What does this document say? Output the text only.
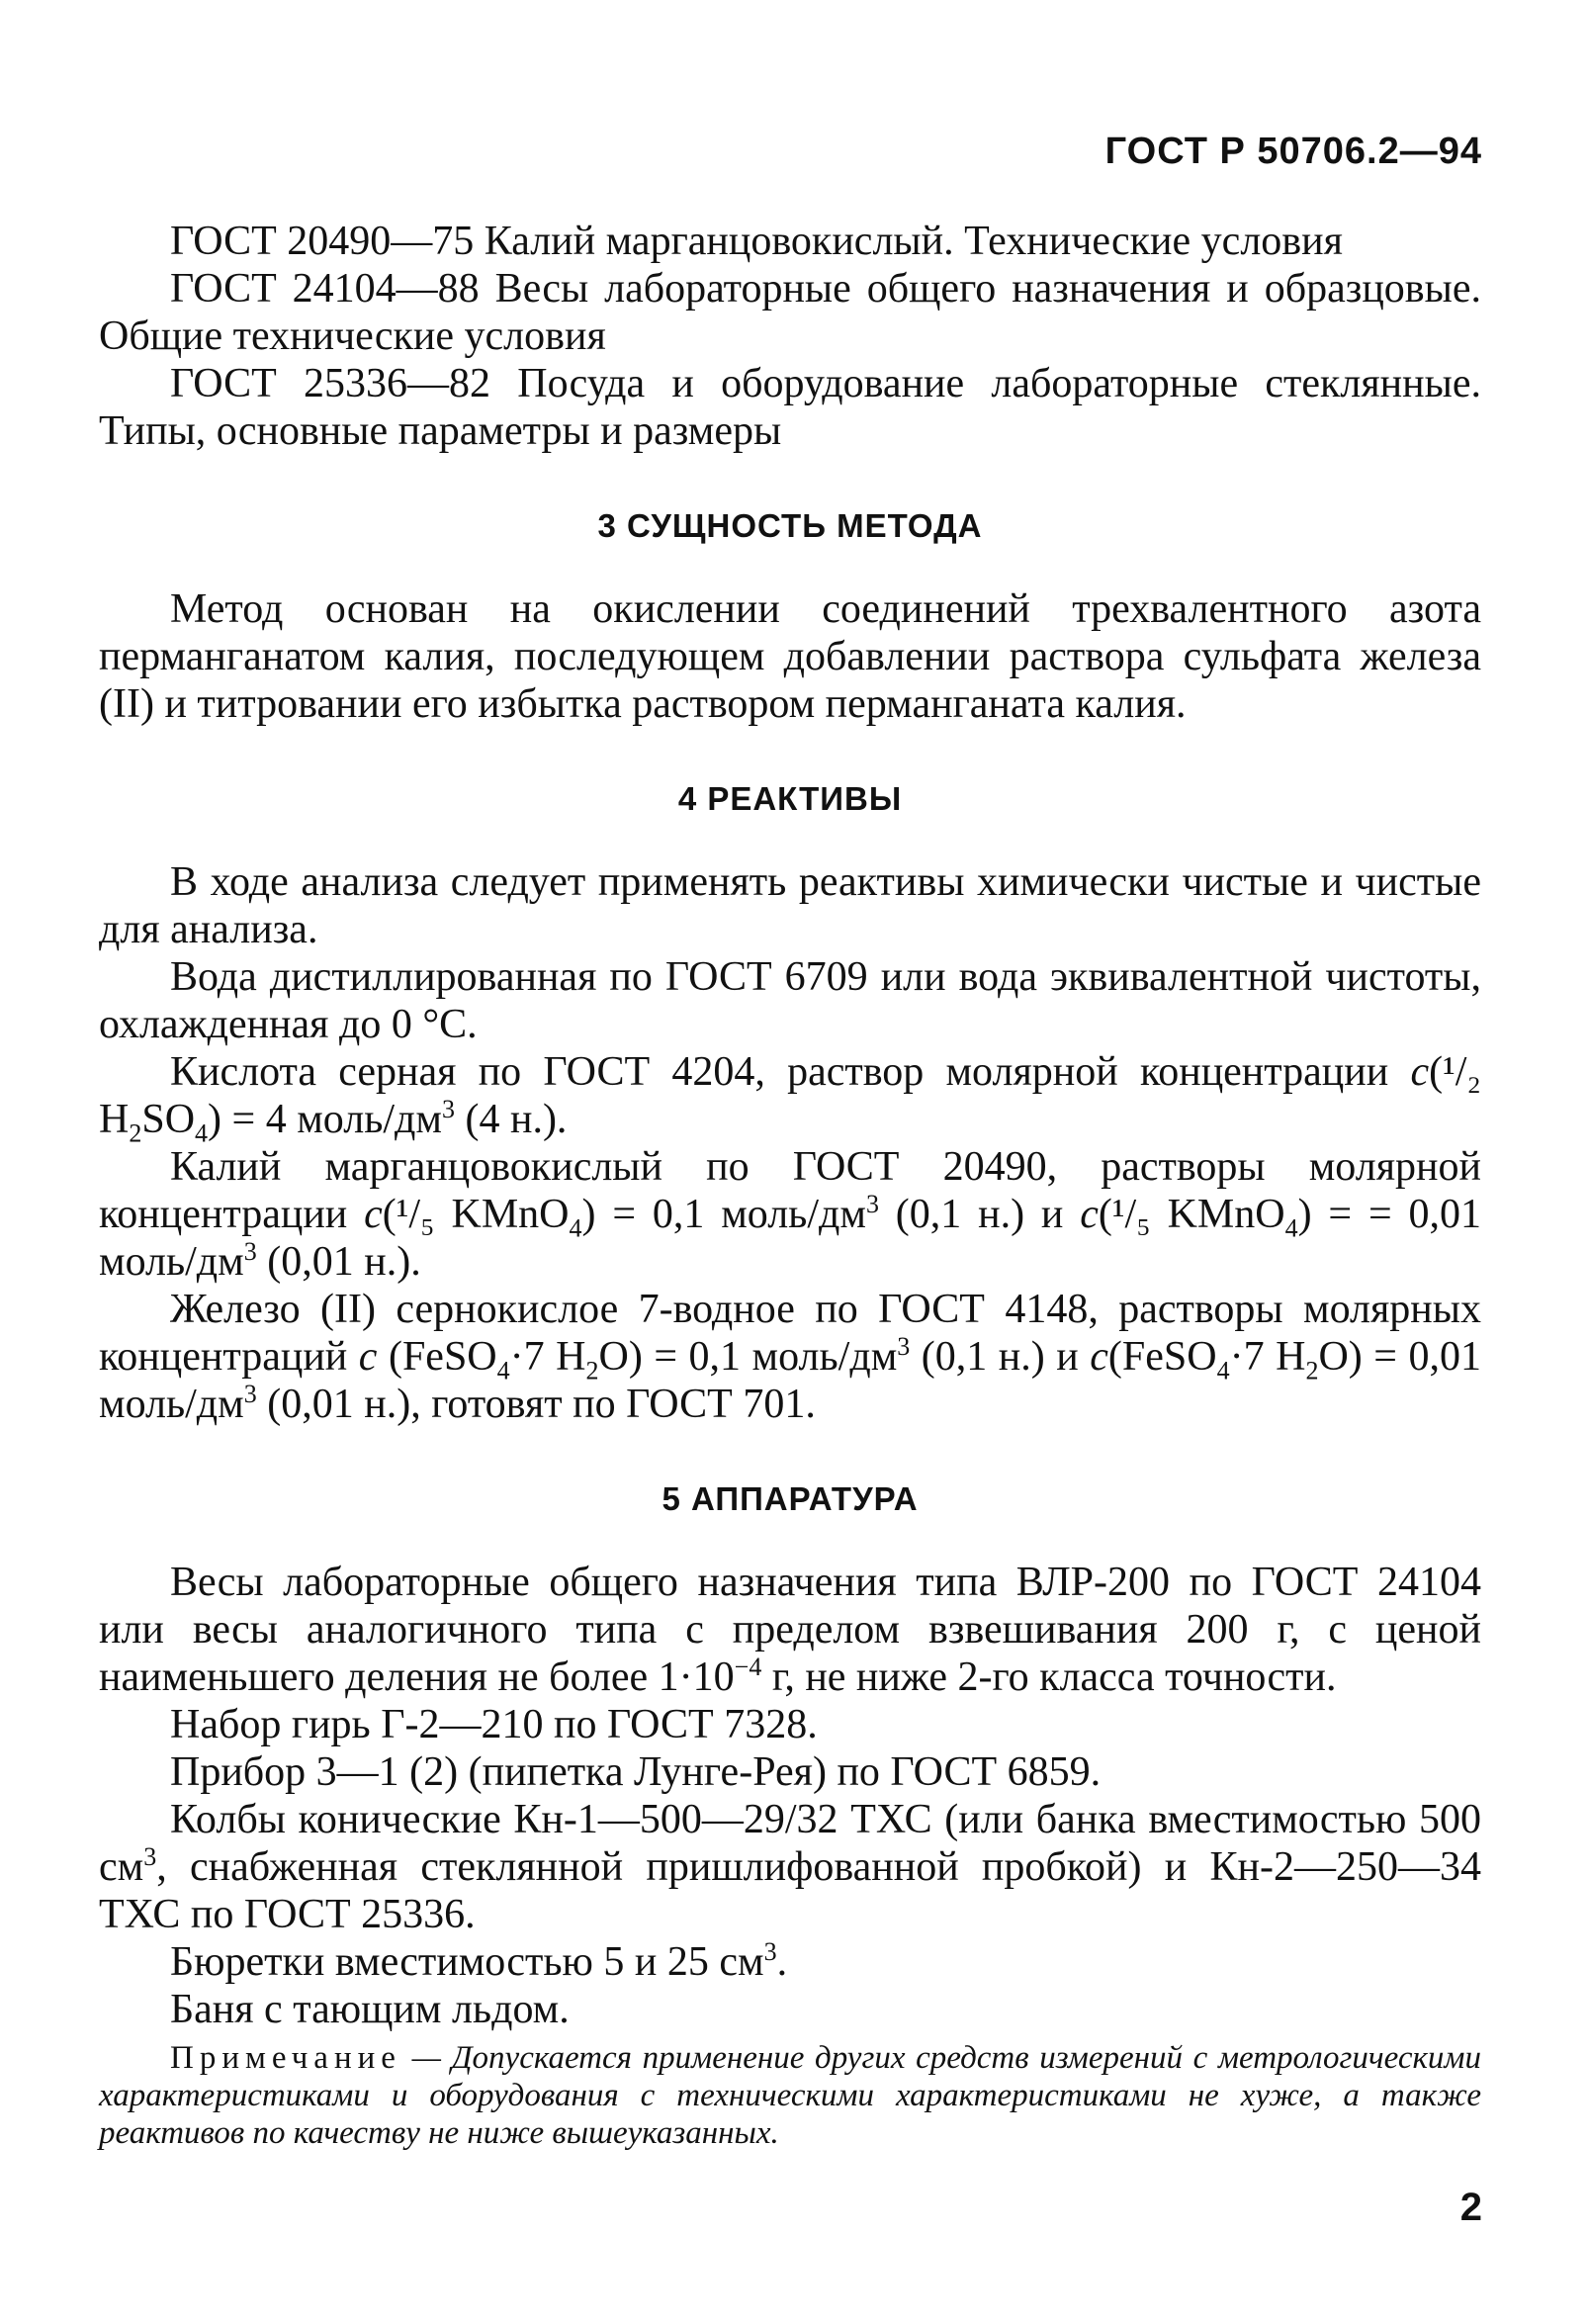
ГОСТ Р 50706.2—94

ГОСТ 20490—75 Калий марганцовокислый. Технические условия

ГОСТ 24104—88 Весы лабораторные общего назначения и образцовые. Общие технические условия

ГОСТ 25336—82 Посуда и оборудование лабораторные стеклянные. Типы, основные параметры и размеры

3 СУЩНОСТЬ МЕТОДА

Метод основан на окислении соединений трехвалентного азота перманганатом калия, последующем добавлении раствора сульфата железа (II) и титровании его избытка раствором перманганата калия.

4 РЕАКТИВЫ

В ходе анализа следует применять реактивы химически чистые и чистые для анализа.

Вода дистиллированная по ГОСТ 6709 или вода эквивалентной чистоты, охлажденная до 0 °С.

Кислота серная по ГОСТ 4204, раствор молярной концентрации c(¹/₂ $H_2SO_4) = 4$ моль/$дм^3$ (4 н.).

Калий марганцовокислый по ГОСТ 20490, растворы молярной концентрации c(¹/₅ KMnO$_4$) = 0,1 моль/$дм^3$ (0,1 н.) и c(¹/₅ KMnO$_4$) = = 0,01 моль/$дм^3$ (0,01 н.).

Железо (II) сернокислое 7-водное по ГОСТ 4148, растворы молярных концентраций c (FeSO$_4$·7 $H_2O) = 0,1$ моль/$дм^3$ (0,1 н.) и c(FeSO$_4$·7 $H_2O) = 0,01$ моль/$дм^3$ (0,01 н.), готовят по ГОСТ 701.

5 АППАРАТУРА

Весы лабораторные общего назначения типа ВЛР-200 по ГОСТ 24104 или весы аналогичного типа с пределом взвешивания 200 г, с ценой наименьшего деления не более $1\cdot 10^{-4}$ г, не ниже 2-го класса точности.

Набор гирь Г-2—210 по ГОСТ 7328.

Прибор 3—1 (2) (пипетка Лунге-Рея) по ГОСТ 6859.

Колбы конические Кн-1—500—29/32 ТХС (или банка вместимостью 500 $см^3$, снабженная стеклянной пришлифованной пробкой) и Кн-2—250—34 ТХС по ГОСТ 25336.

Бюретки вместимостью 5 и 25 $см^3$.

Баня с тающим льдом.

Примечание — Допускается применение других средств измерений с метрологическими характеристиками и оборудования с техническими характеристиками не хуже, а также реактивов по качеству не ниже вышеуказанных.

2
